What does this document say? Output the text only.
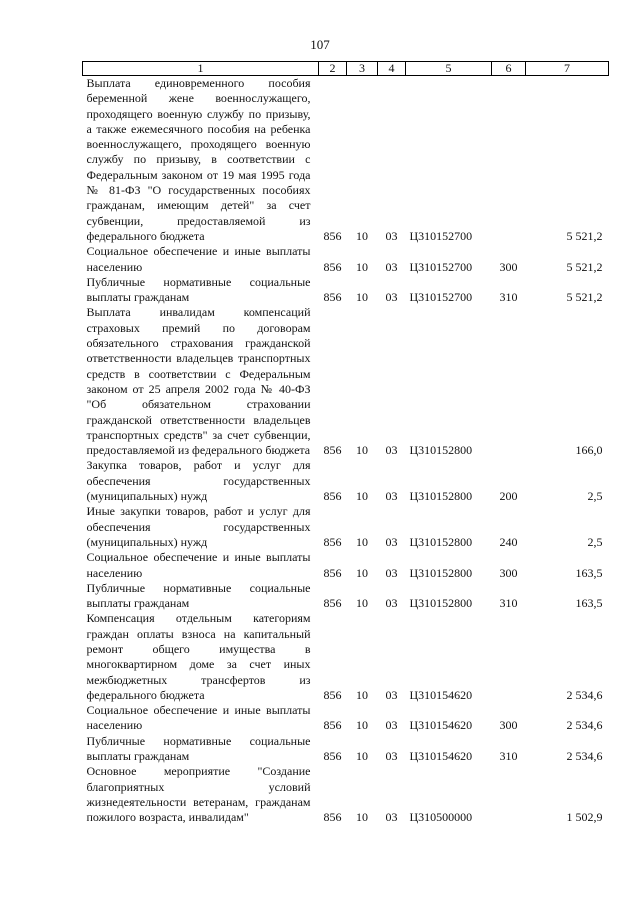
107
1	2	3	4	5	6	7
Выплата единовременного пособия беременной жене военнослужащего, проходящего военную службу по призыву, а также ежемесячного пособия на ребенка военнослужащего, проходящего военную службу по призыву, в соответствии с Федеральным законом от 19 мая 1995 года № 81-ФЗ "О государственных пособиях гражданам, имеющим детей" за счет субвенции, предоставляемой из федерального бюджета	856	10	03	Ц310152700		5 521,2
Социальное обеспечение и иные выплаты населению	856	10	03	Ц310152700	300	5 521,2
Публичные нормативные социальные выплаты гражданам	856	10	03	Ц310152700	310	5 521,2
Выплата инвалидам компенсаций страховых премий по договорам обязательного страхования гражданской ответственности владельцев транспортных средств в соответствии с Федеральным законом от 25 апреля 2002 года № 40-ФЗ "Об обязательном страховании гражданской ответственности владельцев транспортных средств" за счет субвенции, предоставляемой из федерального бюджета	856	10	03	Ц310152800		166,0
Закупка товаров, работ и услуг для обеспечения государственных (муниципальных) нужд	856	10	03	Ц310152800	200	2,5
Иные закупки товаров, работ и услуг для обеспечения государственных (муниципальных) нужд	856	10	03	Ц310152800	240	2,5
Социальное обеспечение и иные выплаты населению	856	10	03	Ц310152800	300	163,5
Публичные нормативные социальные выплаты гражданам	856	10	03	Ц310152800	310	163,5
Компенсация отдельным категориям граждан оплаты взноса на капитальный ремонт общего имущества в многоквартирном доме за счет иных межбюджетных трансфертов из федерального бюджета	856	10	03	Ц310154620		2 534,6
Социальное обеспечение и иные выплаты населению	856	10	03	Ц310154620	300	2 534,6
Публичные нормативные социальные выплаты гражданам	856	10	03	Ц310154620	310	2 534,6
Основное мероприятие "Создание благоприятных условий жизнедеятельности ветеранам, гражданам пожилого возраста, инвалидам"	856	10	03	Ц310500000		1 502,9
